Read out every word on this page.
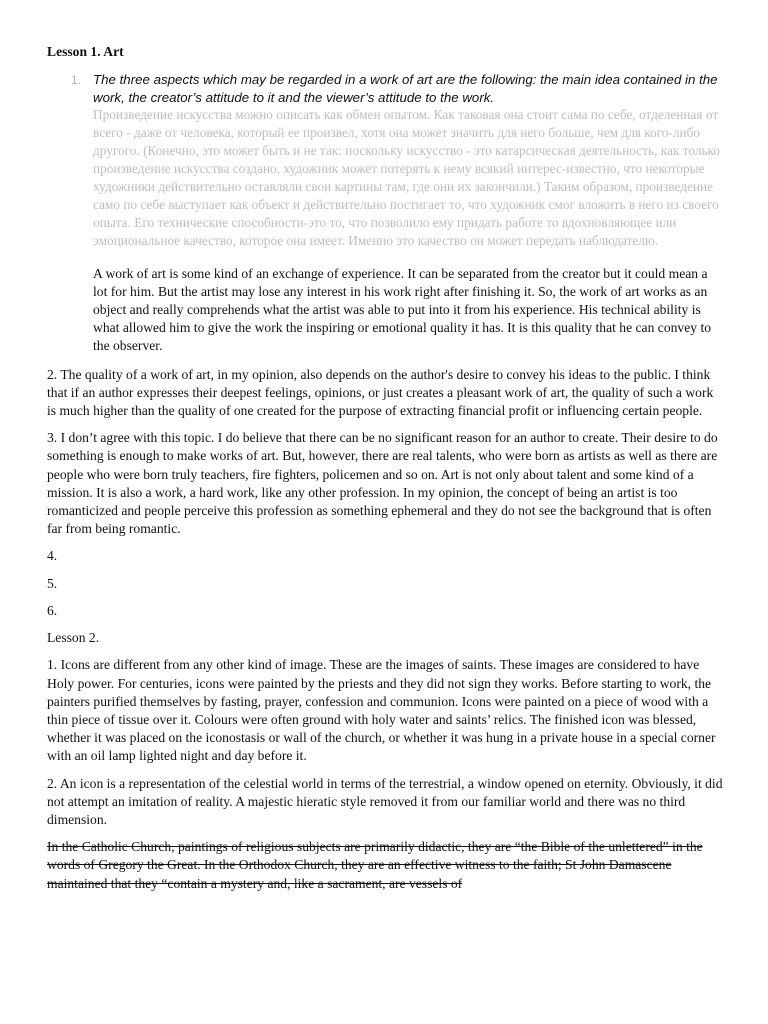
Lesson 1. Art
1. The three aspects which may be regarded in a work of art are the following: the main idea contained in the work, the creator’s attitude to it and the viewer’s attitude to the work.
Произведение искусства можно описать как обмен опытом. Как таковая она стоит сама по себе, отделенная от всего - даже от человека, который ее произвел, хотя она может значить для него больше, чем для кого-либо другого. (Конечно, это может быть и не так: поскольку искусство - это катарсическая деятельность, как только произведение искусства создано, художник может потерять к нему всякий интерес-известно, что некоторые художники действительно оставляли свои картины там, где они их закончили.) Таким образом, произведение само по себе выступает как объект и действительно постигает то, что художник смог вложить в него из своего опыта. Его технические способности-это то, что позволило ему придать работе то вдохновляющее или эмоциональное качество, которое она имеет. Именно это качество он может передать наблюдателю.
A work of art is some kind of an exchange of experience. It can be separated from the creator but it could mean a lot for him. But the artist may lose any interest in his work right after finishing it. So, the work of art works as an object and really comprehends what the artist was able to put into it from his experience. His technical ability is what allowed him to give the work the inspiring or emotional quality it has. It is this quality that he can convey to the observer.

2. The quality of a work of art, in my opinion, also depends on the author's desire to convey his ideas to the public. I think that if an author expresses their deepest feelings, opinions, or just creates a pleasant work of art, the quality of such a work is much higher than the quality of one created for the purpose of extracting financial profit or influencing certain people.

3. I don’t agree with this topic. I do believe that there can be no significant reason for an author to create. Their desire to do something is enough to make works of art. But, however, there are real talents, who were born as artists as well as there are people who were born truly teachers, fire fighters, policemen and so on. Art is not only about talent and some kind of a mission. It is also a work, a hard work, like any other profession. In my opinion, the concept of being an artist is too romanticized and people perceive this profession as something ephemeral and they do not see the background that is often far from being romantic.

4.

5.

6.

Lesson 2.

1. Icons are different from any other kind of image. These are the images of saints. These images are considered to have Holy power. For centuries, icons were painted by the priests and they did not sign they works. Before starting to work, the painters purified themselves by fasting, prayer, confession and communion. Icons were painted on a piece of wood with a thin piece of tissue over it. Colours were often ground with holy water and saints’ relics. The finished icon was blessed, whether it was placed on the iconostasis or wall of the church, or whether it was hung in a private house in a special corner with an oil lamp lighted night and day before it.

2. An icon is a representation of the celestial world in terms of the terrestrial, a window opened on eternity. Obviously, it did not attempt an imitation of reality. A majestic hieratic style removed it from our familiar world and there was no third dimension.

In the Catholic Church, paintings of religious subjects are primarily didactic, they are “the Bible of the unlettered” in the words of Gregory the Great. In the Orthodox Church, they are an effective witness to the faith; St John Damascene maintained that they “contain a mystery and, like a sacrament, are vessels of
